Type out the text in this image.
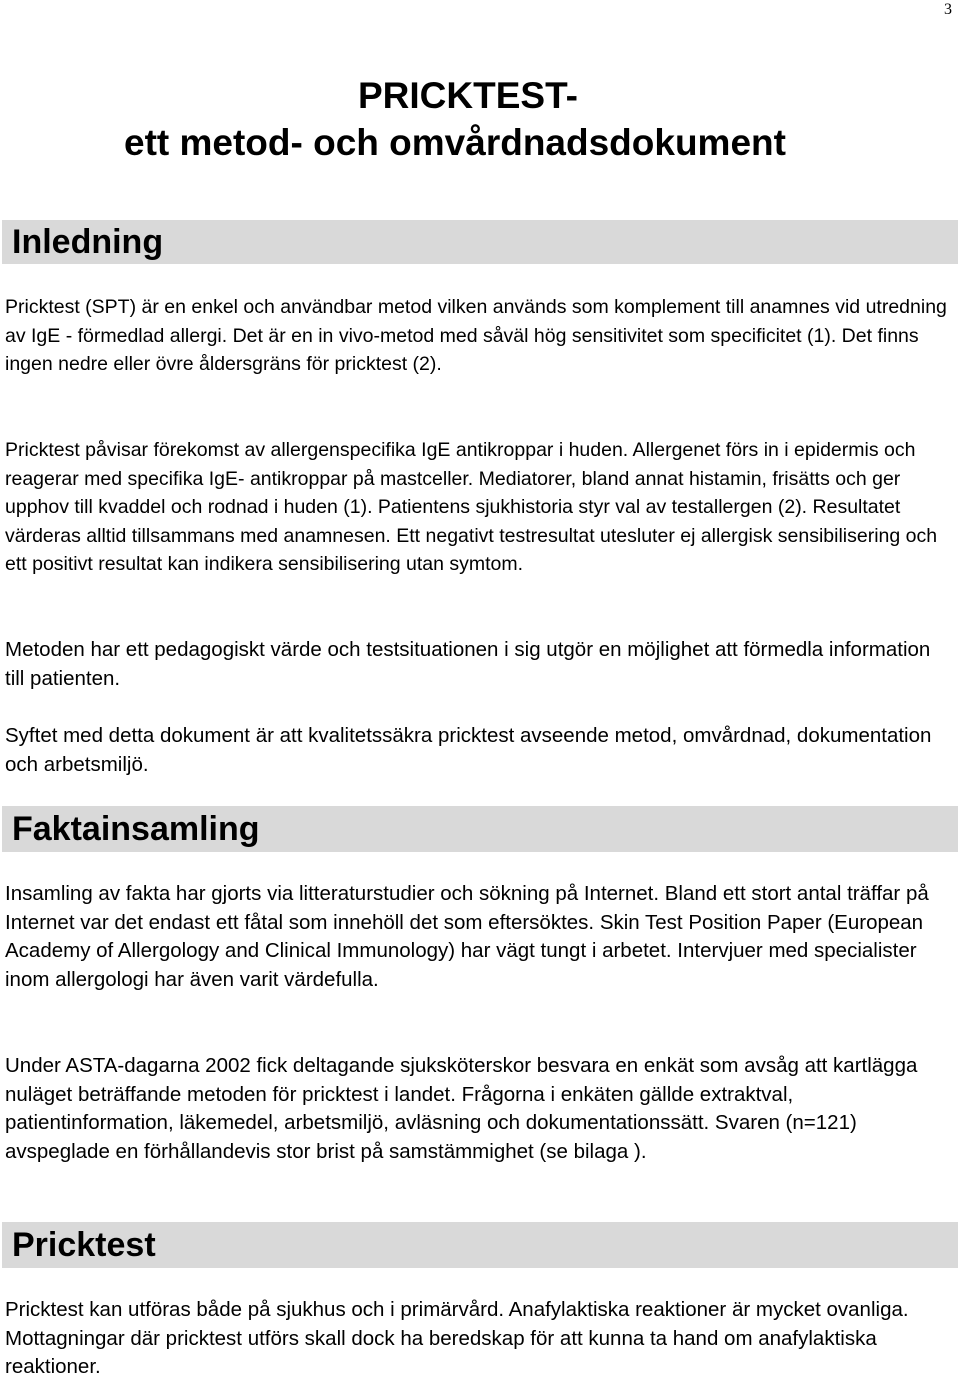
3
PRICKTEST-
ett metod- och omvårdnadsdokument
Inledning

Pricktest (SPT) är en enkel och användbar metod vilken används som komplement till anamnes vid utredning av IgE - förmedlad allergi. Det är en in vivo-metod med såväl hög sensitivitet som specificitet (1). Det finns ingen nedre eller övre åldersgräns för pricktest (2).

Pricktest påvisar förekomst av allergenspecifika IgE antikroppar i huden. Allergenet förs in i epidermis och reagerar med specifika IgE- antikroppar på mastceller. Mediatorer, bland annat histamin, frisätts och ger upphov till kvaddel och rodnad i huden (1). Patientens sjukhistoria styr val av testallergen (2). Resultatet värderas alltid tillsammans med anamnesen. Ett negativt testresultat utesluter ej allergisk sensibilisering och ett positivt resultat kan indikera sensibilisering utan symtom.

Metoden har ett pedagogiskt värde och testsituationen i sig utgör en möjlighet att förmedla information till patienten.

Syftet med detta dokument är att kvalitetssäkra pricktest avseende metod, omvårdnad, dokumentation och arbetsmiljö.

Faktainsamling

Insamling av fakta har gjorts via litteraturstudier och sökning på Internet. Bland ett stort antal träffar på Internet var det endast ett fåtal som innehöll det som eftersöktes. Skin Test Position Paper (European Academy of Allergology and Clinical Immunology) har vägt tungt i arbetet. Intervjuer med specialister inom allergologi har även varit värdefulla.

Under ASTA-dagarna 2002 fick deltagande sjuksköterskor besvara en enkät som avsåg att kartlägga nuläget beträffande metoden för pricktest i landet. Frågorna i enkäten gällde extraktval, patientinformation, läkemedel, arbetsmiljö, avläsning och dokumentationssätt. Svaren (n=121) avspeglade en förhållandevis stor brist på samstämmighet (se bilaga ).

Pricktest

Pricktest kan utföras både på sjukhus och i primärvård. Anafylaktiska reaktioner är mycket ovanliga. Mottagningar där pricktest utförs skall dock ha beredskap för att kunna ta hand om anafylaktiska reaktioner.
